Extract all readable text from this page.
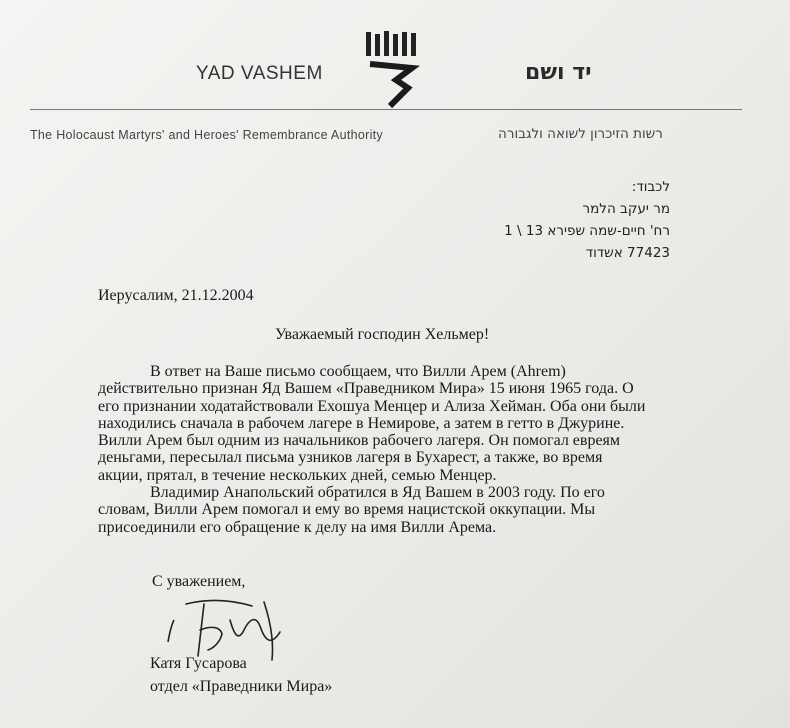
YAD VASHEM	יד ושם
The Holocaust Martyrs' and Heroes' Remembrance Authority	רשות הזיכרון לשואה ולגבורה
לכבוד:
מר יעקב הלמר
רח' חיים-שמה שפירא 13 \ 1
77423 אשדוד
Иерусалим, 21.12.2004
Уважаемый господин Хельмер!
В ответ на Ваше письмо сообщаем, что Вилли Арем (Ahrem)
действительно признан Яд Вашем «Праведником Мира» 15 июня 1965 года. О
его признании ходатайствовали Ехошуа Менцер и Ализа Хейман. Оба они были
находились сначала в рабочем лагере в Немирове, а затем в гетто в Джурине.
Вилли Арем был одним из начальников рабочего лагеря. Он помогал евреям
деньгами, пересылал письма узников лагеря в Бухарест, а также, во время
акции, прятал, в течение нескольких дней, семью Менцер.
Владимир Анапольский обратился в Яд Вашем в 2003 году. По его
словам, Вилли Арем помогал и ему во время нацистской оккупации. Мы
присоединили его обращение к делу на имя Вилли Арема.
С уважением,
Катя Гусарова
отдел «Праведники Мира»
